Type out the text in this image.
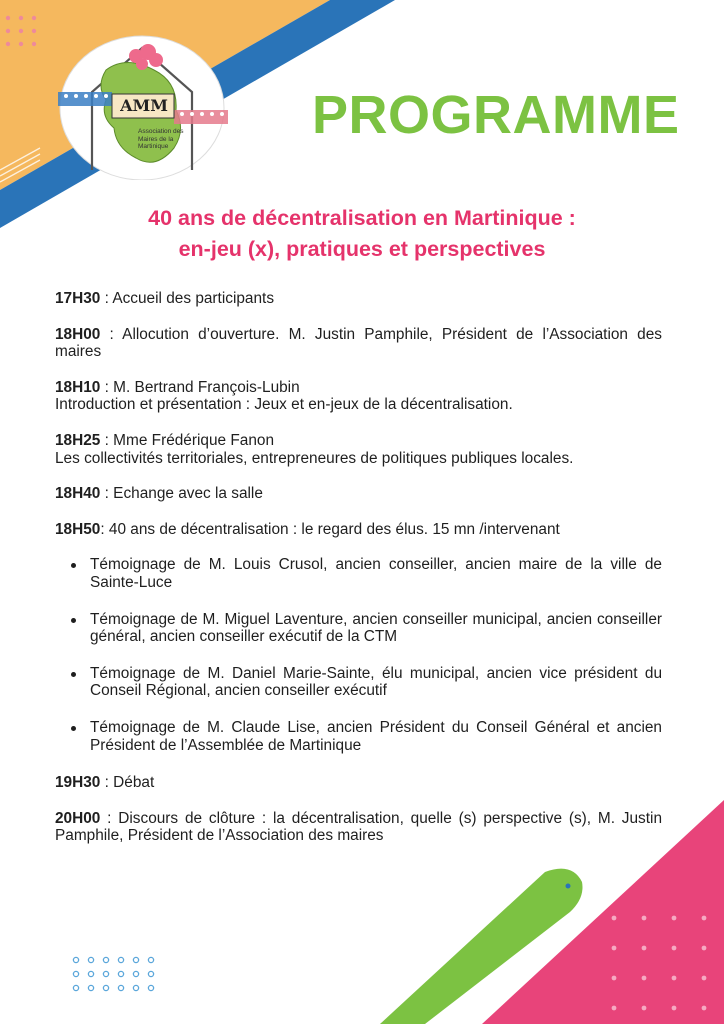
AMM
Association des Maires de la Martinique
PROGRAMME
40 ans de décentralisation en Martinique :
en-jeu (x), pratiques et perspectives

17H30 : Accueil des participants

18H00 : Allocution d’ouverture. M. Justin Pamphile, Président de l’Association des maires

18H10 : M. Bertrand François-Lubin
Introduction et présentation : Jeux et en-jeux de la décentralisation.

18H25 : Mme Frédérique Fanon
Les collectivités territoriales, entrepreneures de politiques publiques locales.

18H40 : Echange avec la salle

18H50: 40 ans de décentralisation : le regard des élus. 15 mn /intervenant

Témoignage de M. Louis Crusol, ancien conseiller, ancien maire de la ville de Sainte-Luce
Témoignage de M. Miguel Laventure, ancien conseiller municipal, ancien conseiller général, ancien conseiller exécutif de la CTM
Témoignage de M. Daniel Marie-Sainte, élu municipal, ancien vice président du Conseil Régional, ancien conseiller exécutif
Témoignage de M. Claude Lise, ancien Président du Conseil Général et ancien Président de l’Assemblée de Martinique

19H30 : Débat

20H00 : Discours de clôture : la décentralisation, quelle (s) perspective (s), M. Justin Pamphile, Président de l’Association des maires
